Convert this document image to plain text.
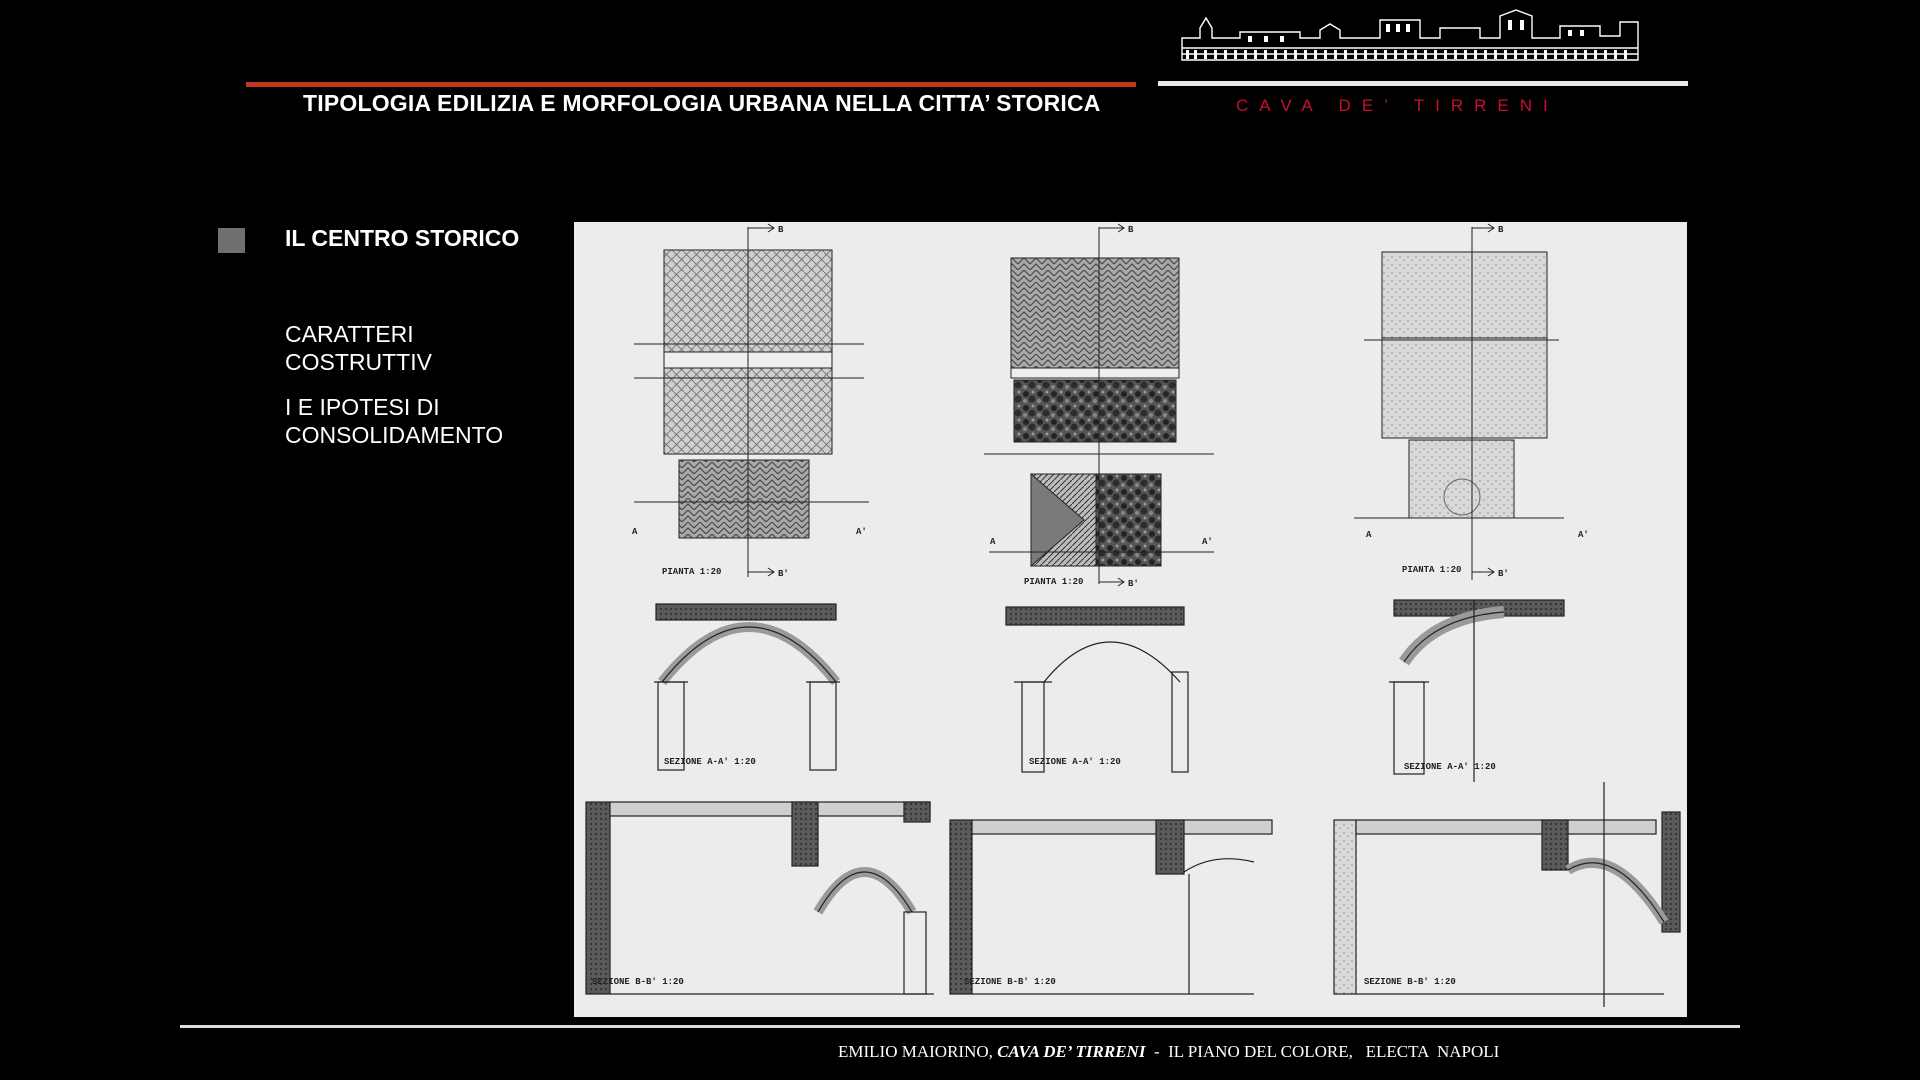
TIPOLOGIA EDILIZIA E MORFOLOGIA URBANA NELLA CITTA’ STORICA	CAVA DE’ TIRRENI
IL CENTRO STORICO
CARATTERI
COSTRUTTIV
I E IPOTESI DI
CONSOLIDAMENTO
B
B'
A	A'
PIANTA 1:20
B
B'
A	A'
PIANTA 1:20
B
B'
A	A'
PIANTA 1:20
SEZIONE A-A' 1:20	SEZIONE A-A' 1:20	SEZIONE A-A' 1:20
SEZIONE B-B' 1:20	SEZIONE B-B' 1:20	SEZIONE B-B' 1:20
EMILIO MAIORINO, CAVA DE’ TIRRENI  -  IL PIANO DEL COLORE,   ELECTA  NAPOLI
